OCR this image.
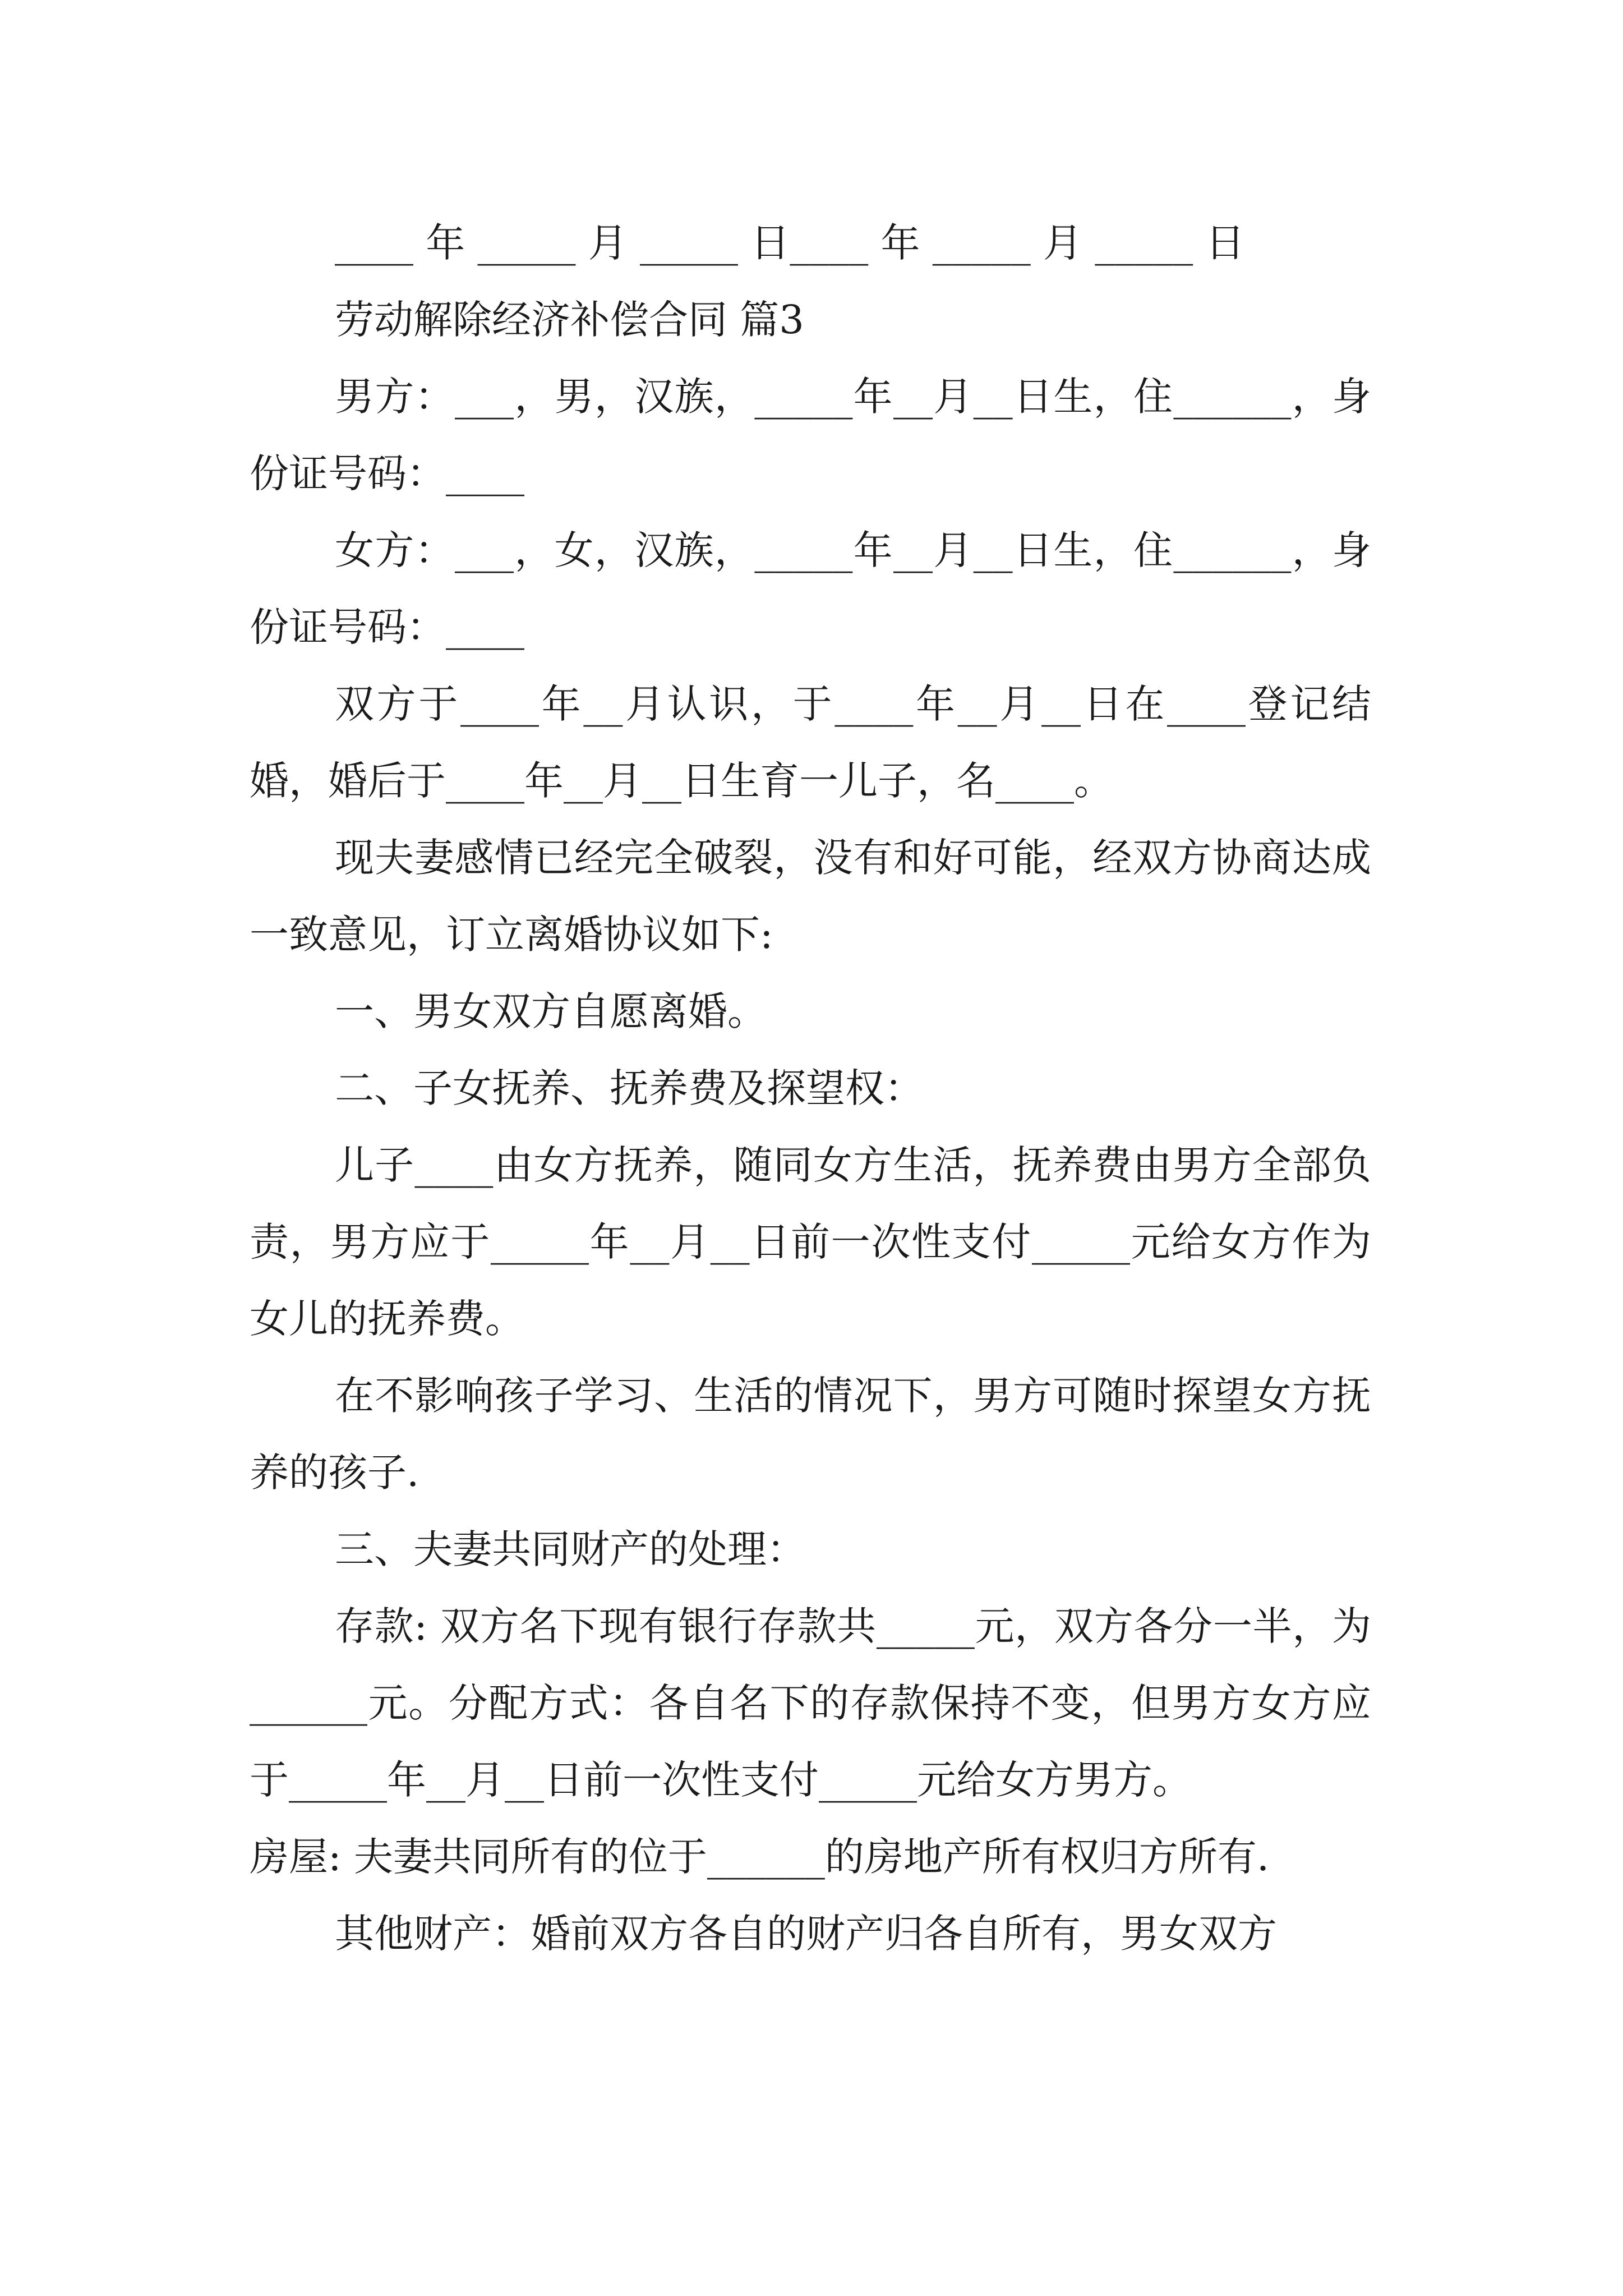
____ 年 _____ 月 _____ 日____ 年 _____ 月 _____ 日

劳动解除经济补偿合同 篇3

男方：___，男，汉族，_____年__月__日生，住______，身份证号码：____

女方：___，女，汉族，_____年__月__日生，住______，身份证号码：____

双方于____年__月认识，于____年__月__日在____登记结婚，婚后于____年__月__日生育一儿子，名____。

现夫妻感情已经完全破裂，没有和好可能，经双方协商达成一致意见，订立离婚协议如下:

一、男女双方自愿离婚。

二、子女抚养、抚养费及探望权：

儿子____由女方抚养，随同女方生活，抚养费由男方全部负责，男方应于_____年__月__日前一次性支付_____元给女方作为女儿的抚养费。

在不影响孩子学习、生活的情况下，男方可随时探望女方抚养的孩子.

三、夫妻共同财产的处理：

存款: 双方名下现有银行存款共_____元，双方各分一半，为______元。分配方式：各自名下的存款保持不变，但男方女方应于_____年__月__日前一次性支付_____元给女方男方。

房屋: 夫妻共同所有的位于______的房地产所有权归方所有.

其他财产：婚前双方各自的财产归各自所有，男女双方
